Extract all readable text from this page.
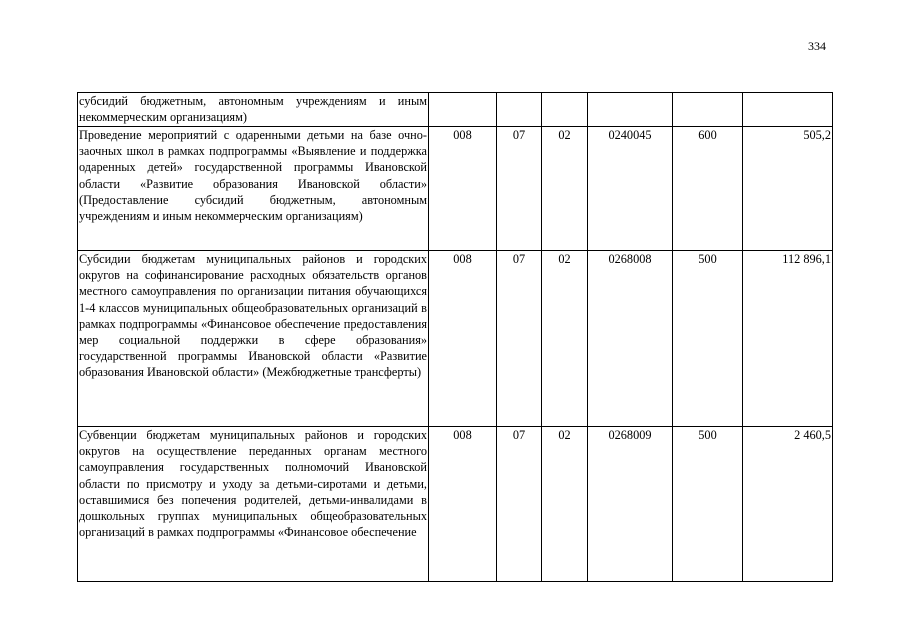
334
субсидий бюджетным, автономным учреждениям и иным некоммерческим организациям)						
Проведение мероприятий с одаренными детьми на базе очно-заочных школ в рамках подпрограммы «Выявление и поддержка одаренных детей» государственной программы Ивановской области «Развитие образования Ивановской области» (Предоставление субсидий бюджетным, автономным учреждениям и иным некоммерческим организациям)	008	07	02	0240045	600	505,2
Субсидии бюджетам муниципальных районов и городских округов на софинансирование расходных обязательств органов местного самоуправления по организации питания обучающихся 1-4 классов муниципальных общеобразовательных организаций в рамках подпрограммы «Финансовое обеспечение предоставления мер социальной поддержки в сфере образования» государственной программы Ивановской области «Развитие образования Ивановской области» (Межбюджетные трансферты)	008	07	02	0268008	500	112 896,1
Субвенции бюджетам муниципальных районов и городских округов на осуществление переданных органам местного самоуправления государственных полномочий Ивановской области по присмотру и уходу за детьми-сиротами и детьми, оставшимися без попечения родителей, детьми-инвалидами в дошкольных группах муниципальных общеобразовательных организаций в рамках подпрограммы «Финансовое обеспечение	008	07	02	0268009	500	2 460,5
